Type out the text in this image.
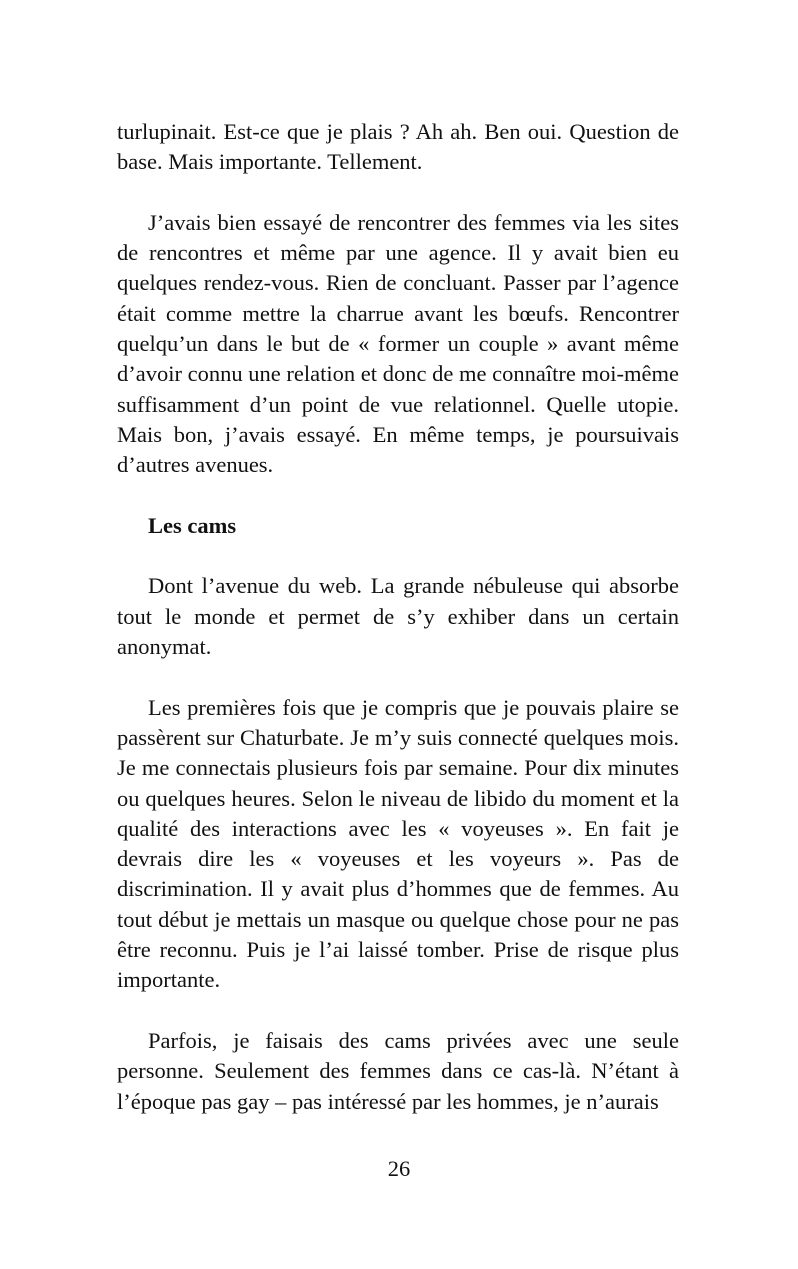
turlupinait. Est-ce que je plais ? Ah ah. Ben oui. Question de base. Mais importante. Tellement.

J’avais bien essayé de rencontrer des femmes via les sites de rencontres et même par une agence. Il y avait bien eu quelques rendez-vous. Rien de concluant. Passer par l’agence était comme mettre la charrue avant les bœufs. Rencontrer quelqu’un dans le but de « former un couple » avant même d’avoir connu une relation et donc de me connaître moi-même suffisamment d’un point de vue relationnel. Quelle utopie. Mais bon, j’avais essayé. En même temps, je poursuivais d’autres avenues.

Les cams

Dont l’avenue du web. La grande nébuleuse qui absorbe tout le monde et permet de s’y exhiber dans un certain anonymat.

Les premières fois que je compris que je pouvais plaire se passèrent sur Chaturbate. Je m’y suis connecté quelques mois. Je me connectais plusieurs fois par semaine. Pour dix minutes ou quelques heures. Selon le niveau de libido du moment et la qualité des interactions avec les « voyeuses ». En fait je devrais dire les « voyeuses et les voyeurs ». Pas de discrimination. Il y avait plus d’hommes que de femmes. Au tout début je mettais un masque ou quelque chose pour ne pas être reconnu. Puis je l’ai laissé tomber. Prise de risque plus importante.

Parfois, je faisais des cams privées avec une seule personne. Seulement des femmes dans ce cas-là. N’étant à l’époque pas gay – pas intéressé par les hommes, je n’aurais

26
